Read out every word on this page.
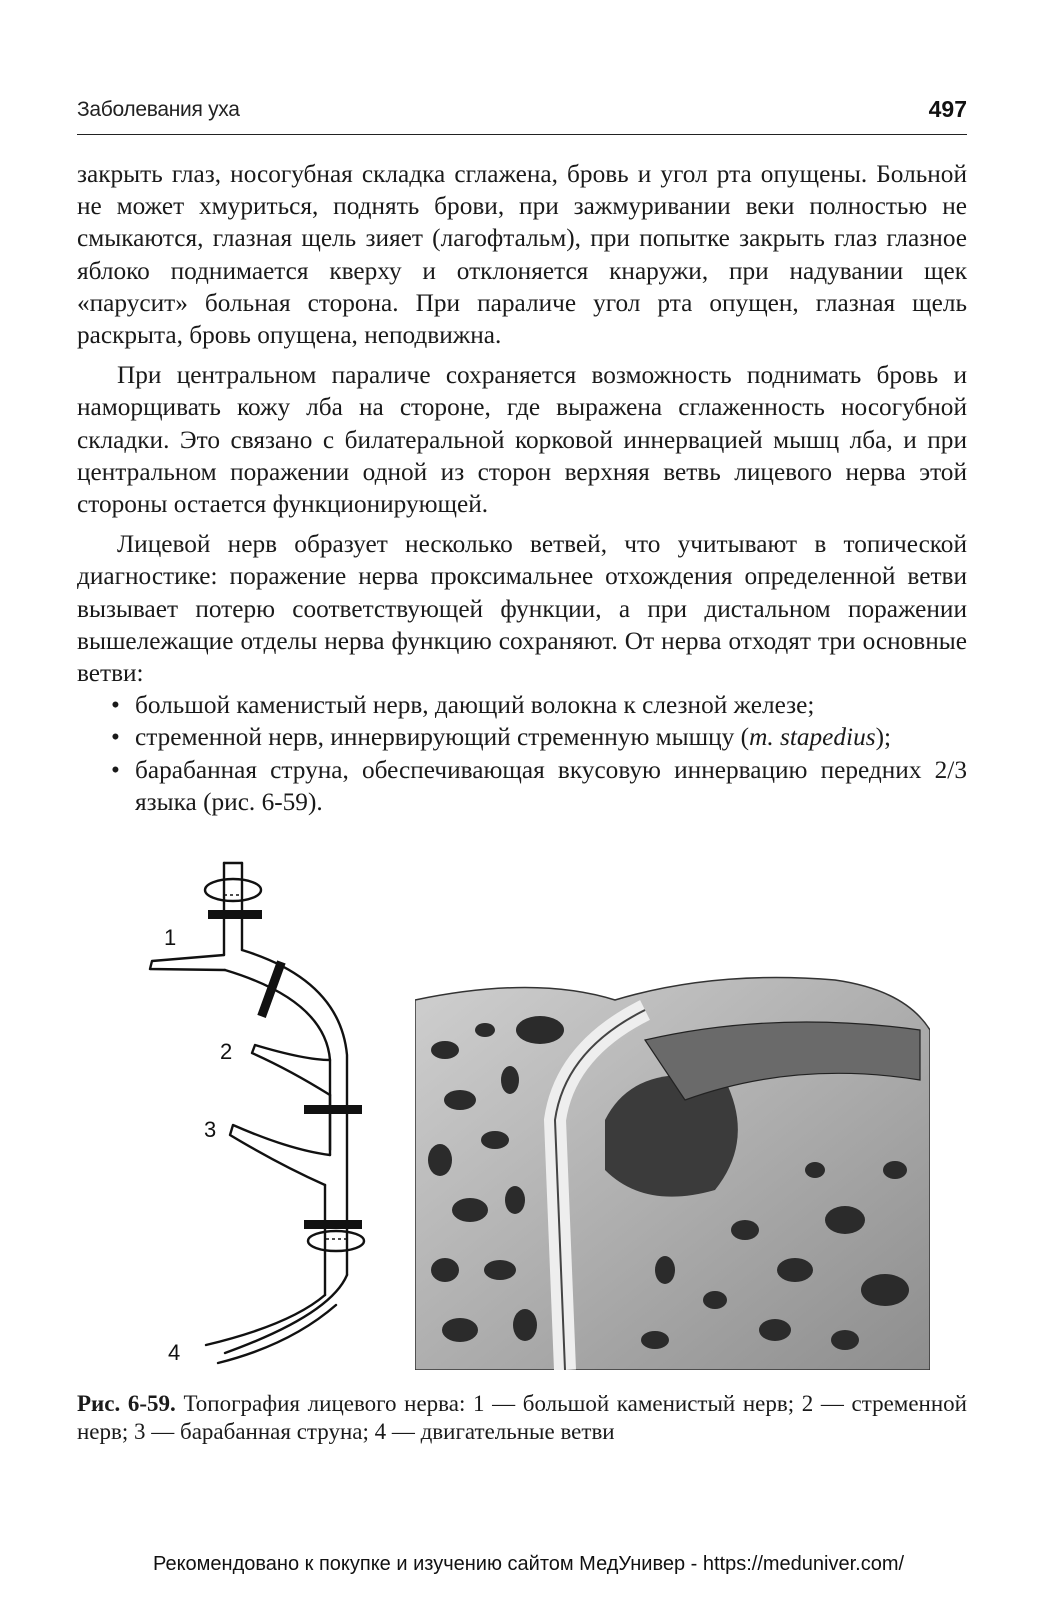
Заболевания уха	497

закрыть глаз, носогубная складка сглажена, бровь и угол рта опущены. Больной не может хмуриться, поднять брови, при зажмуривании веки полностью не смыкаются, глазная щель зияет (лагофтальм), при попытке закрыть глаз глазное яблоко поднимается кверху и отклоняется кнаружи, при надувании щек «парусит» больная сторона. При параличе угол рта опущен, глазная щель раскрыта, бровь опущена, неподвижна.

При центральном параличе сохраняется возможность поднимать бровь и наморщивать кожу лба на стороне, где выражена сглаженность носогубной складки. Это связано с билатеральной корковой иннервацией мышц лба, и при центральном поражении одной из сторон верхняя ветвь лицевого нерва этой стороны остается функционирующей.

Лицевой нерв образует несколько ветвей, что учитывают в топической диагностике: поражение нерва проксимальнее отхождения определенной ветви вызывает потерю соответствующей функции, а при дистальном поражении вышележащие отделы нерва функцию сохраняют. От нерва отходят три основные ветви:

• большой каменистый нерв, дающий волокна к слезной железе;
• стременной нерв, иннервирующий стременную мышцу (m. stapedius);
• барабанная струна, обеспечивающая вкусовую иннервацию передних 2/3 языка (рис. 6-59).
1
2
3
4
Рис. 6-59. Топография лицевого нерва: 1 — большой каменистый нерв; 2 — стременной нерв; 3 — барабанная струна; 4 — двигательные ветви
Рекомендовано к покупке и изучению сайтом МедУнивер - https://meduniver.com/
